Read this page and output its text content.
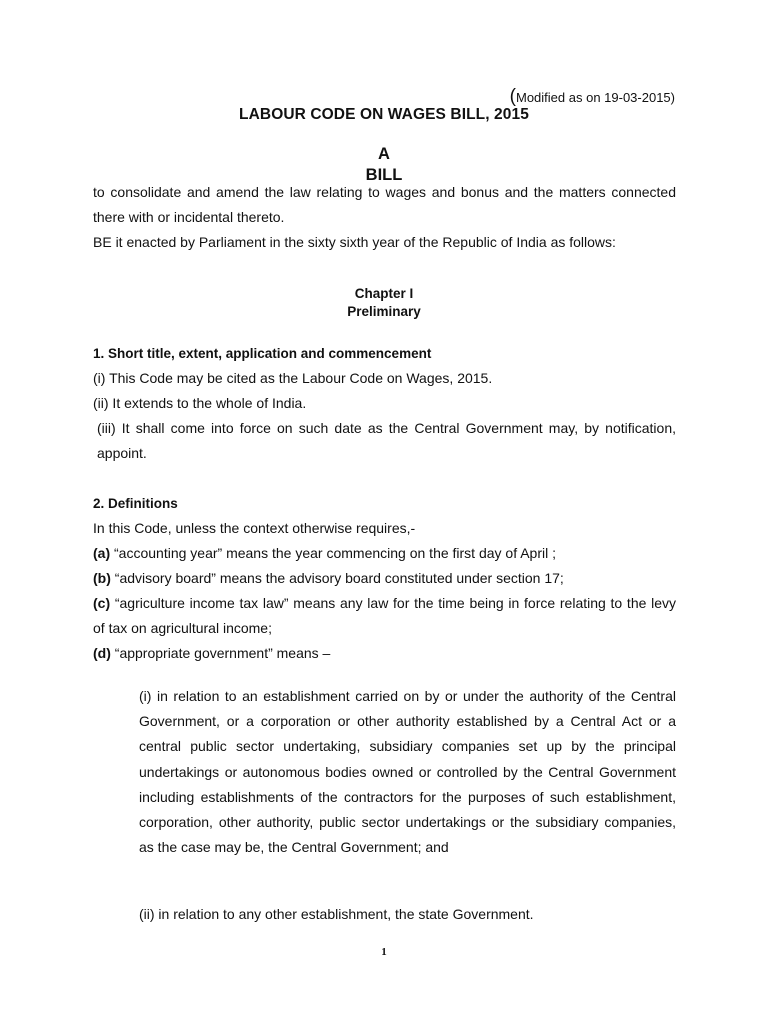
(Modified as on 19-03-2015)
LABOUR CODE ON WAGES BILL, 2015
A
BILL

to consolidate and amend the law relating to wages and bonus and the matters connected there with or incidental thereto.

BE it enacted by Parliament in the sixty sixth year of the Republic of India as follows:

Chapter I
Preliminary

1. Short title, extent, application and commencement

(i) This Code may be cited as the Labour Code on Wages, 2015.

(ii) It extends to the whole of India.

(iii) It shall come into force on such date as the Central Government may, by notification, appoint.

2. Definitions

In this Code, unless the context otherwise requires,-

(a) “accounting year” means the year commencing on the first day of April ;

(b) “advisory board” means the advisory board constituted under section 17;

(c) “agriculture income tax law” means any law for the time being in force relating to the levy of tax on agricultural income;

(d) “appropriate government” means –

(i) in relation to an establishment carried on by or under the authority of the Central Government, or a corporation or other authority established by a Central Act or a central public sector undertaking, subsidiary companies set up by the principal undertakings or autonomous bodies owned or controlled by the Central Government including establishments of the contractors for the purposes of such establishment, corporation, other authority, public sector undertakings or the subsidiary companies, as the case may be, the Central Government; and

(ii) in relation to any other establishment, the state Government.

1
